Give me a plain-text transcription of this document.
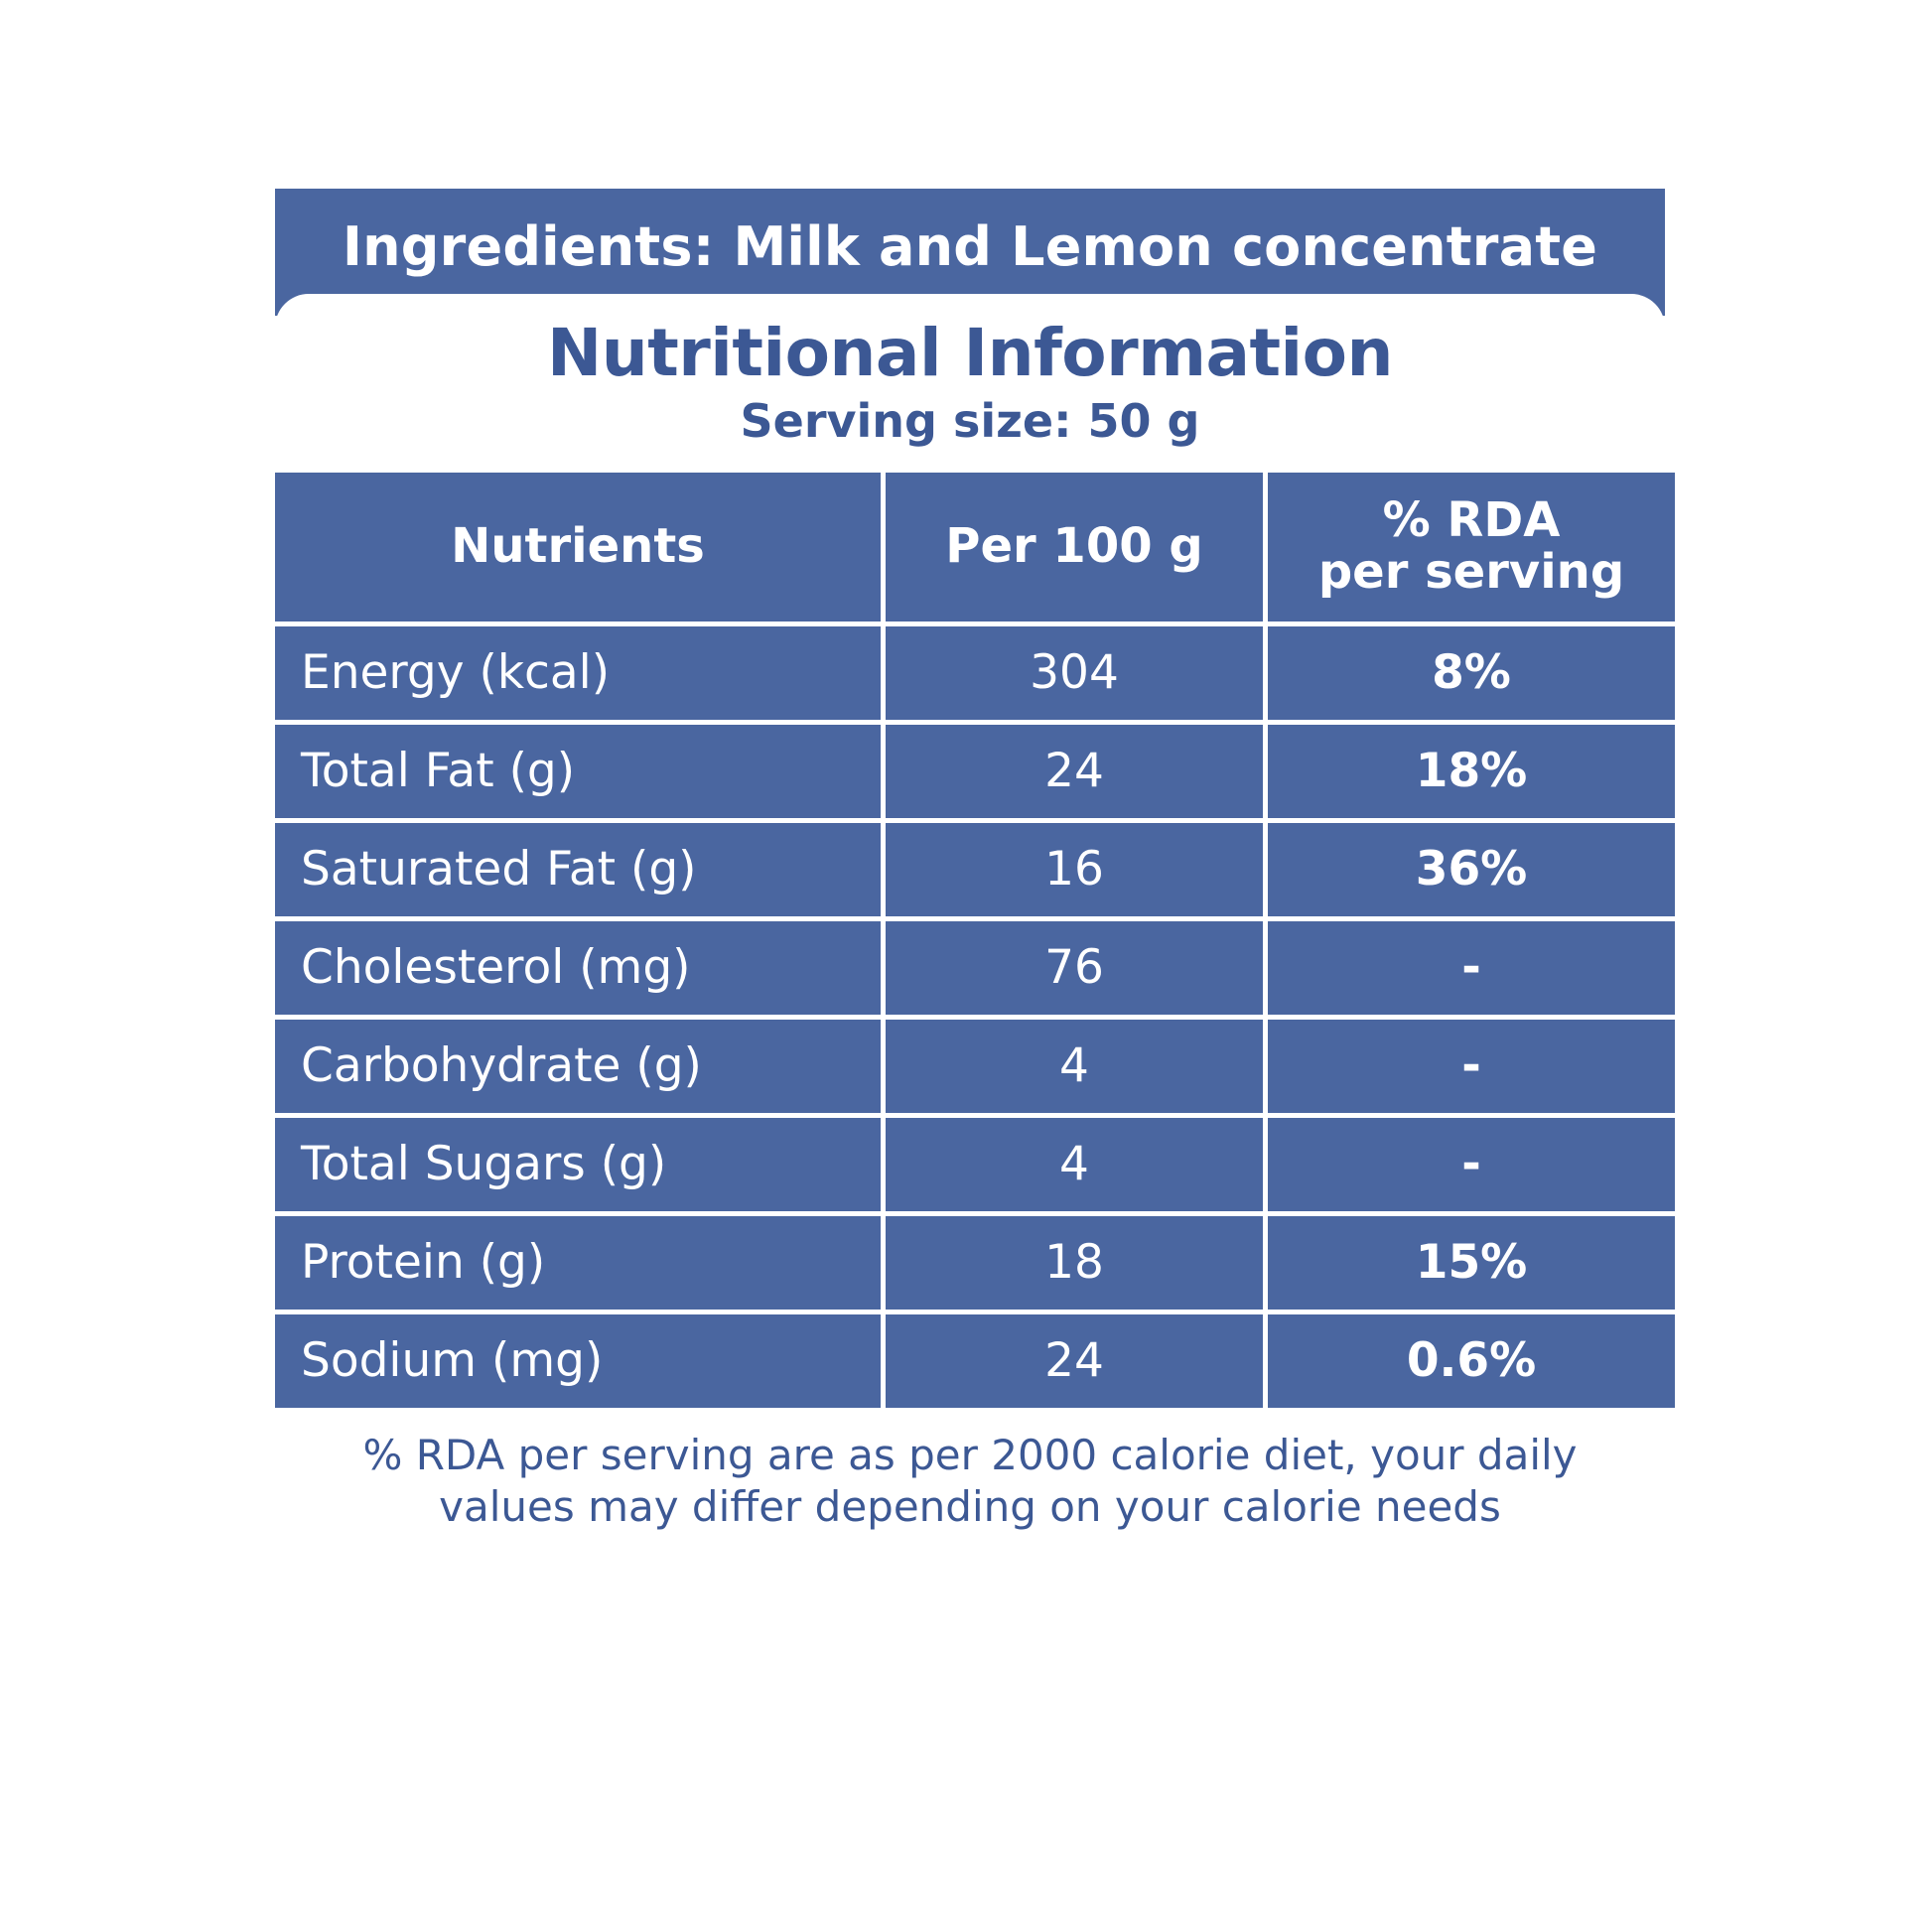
Ingredients: Milk and Lemon concentrate
Nutritional Information
Serving size: 50 g
Nutrients	Per 100 g	% RDA
per serving

Energy (kcal)	304	8%

Total Fat (g)	24	18%

Saturated Fat (g)	16	36%

Cholesterol (mg)	76	-

Carbohydrate (g)	4	-

Total Sugars (g)	4	-

Protein (g)	18	15%

Sodium (mg)	24	0.6%
% RDA per serving are as per 2000 calorie diet, your daily values may differ depending on your calorie needs
